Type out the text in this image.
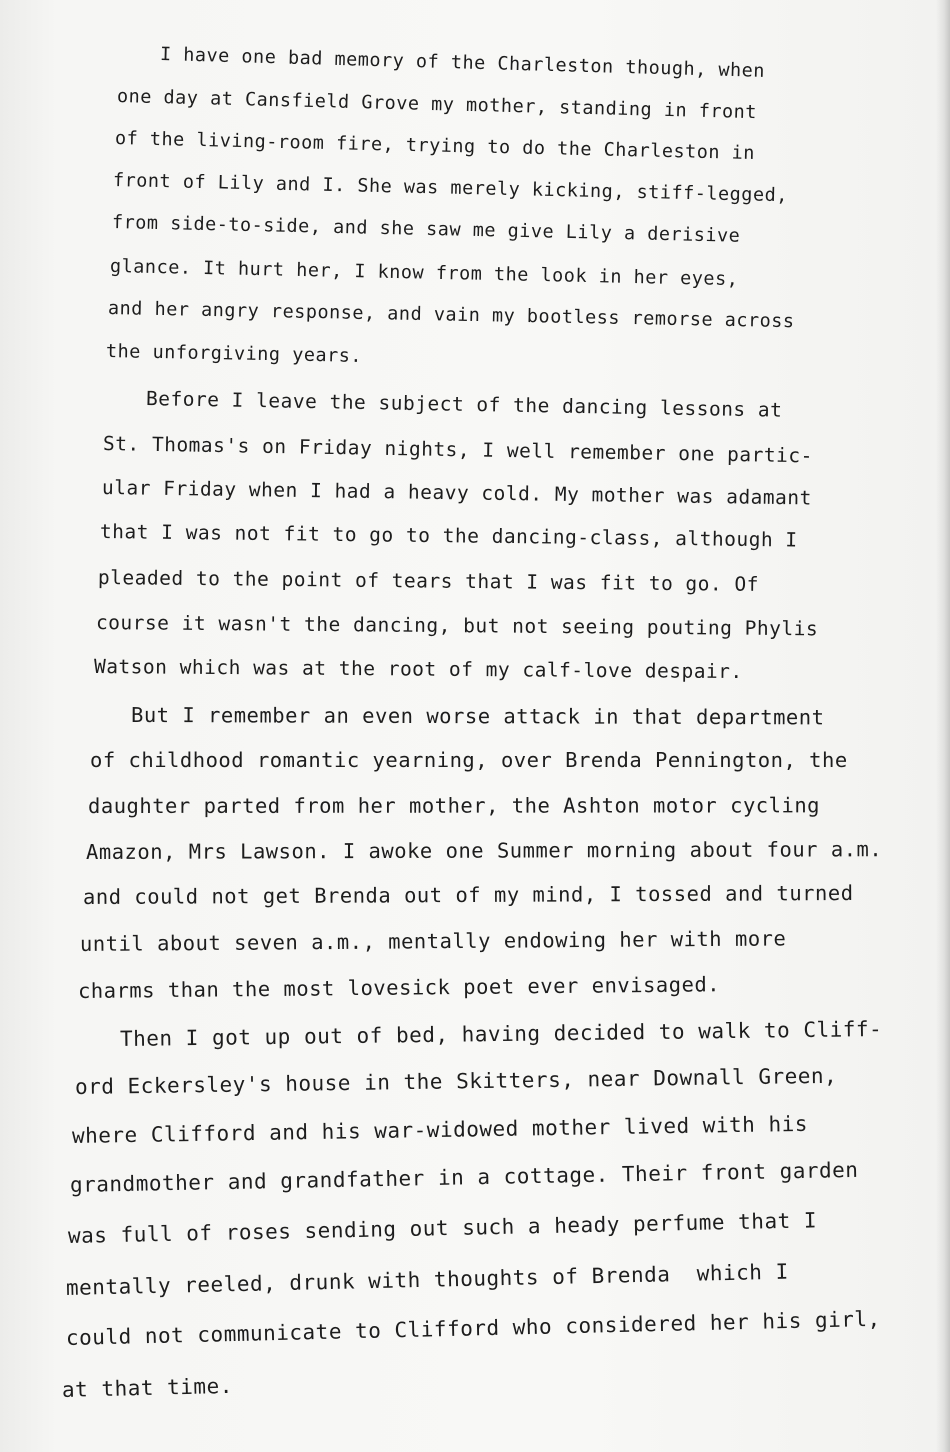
I have one bad memory of the Charleston though, when
one day at Cansfield Grove my mother, standing in front
of the living-room fire, trying to do the Charleston in
front of Lily and I. She was merely kicking, stiff-legged,
from side-to-side, and she saw me give Lily a derisive
glance. It hurt her, I know from the look in her eyes,
and her angry response, and vain my bootless remorse across
the unforgiving years.
Before I leave the subject of the dancing lessons at
St. Thomas's on Friday nights, I well remember one partic-
ular Friday when I had a heavy cold. My mother was adamant
that I was not fit to go to the dancing-class, although I
pleaded to the point of tears that I was fit to go. Of
course it wasn't the dancing, but not seeing pouting Phylis
Watson which was at the root of my calf-love despair.
But I remember an even worse attack in that department
of childhood romantic yearning, over Brenda Pennington, the
daughter parted from her mother, the Ashton motor cycling
Amazon, Mrs Lawson. I awoke one Summer morning about four a.m.
and could not get Brenda out of my mind, I tossed and turned
until about seven a.m., mentally endowing her with more
charms than the most lovesick poet ever envisaged.
Then I got up out of bed, having decided to walk to Cliff-
ord Eckersley's house in the Skitters, near Downall Green,
where Clifford and his war-widowed mother lived with his
grandmother and grandfather in a cottage. Their front garden
was full of roses sending out such a heady perfume that I
mentally reeled, drunk with thoughts of Brenda  which I
could not communicate to Clifford who considered her his girl,
at that time.
